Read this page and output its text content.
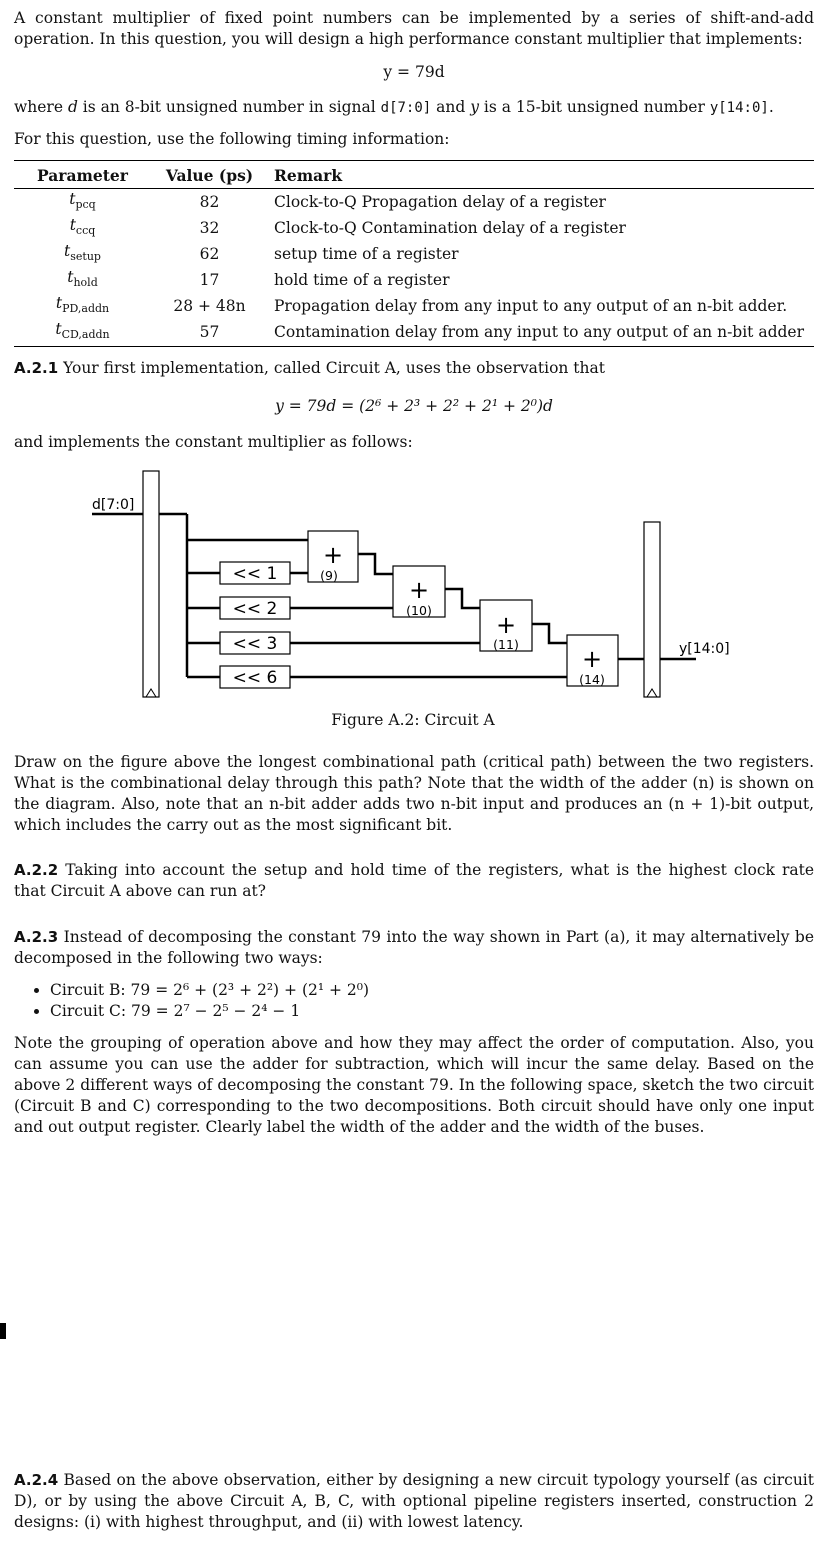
A constant multiplier of fixed point numbers can be implemented by a series of shift-and-add operation. In this question, you will design a high performance constant multiplier that implements:

y = 79d

where d is an 8-bit unsigned number in signal d[7:0] and y is a 15-bit unsigned number y[14:0].

For this question, use the following timing information:

Parameter	Value (ps)	Remark
$t_{pcq}$	82	Clock-to-Q Propagation delay of a register
$t_{ccq}$	32	Clock-to-Q Contamination delay of a register
$t_{setup}$	62	setup time of a register
$t_{hold}$	17	hold time of a register
$t_{PD,addn}$	28 + 48n	Propagation delay from any input to any output of an n-bit adder.
$t_{CD,addn}$	57	Contamination delay from any input to any output of an n-bit adder

A.2.1 Your first implementation, called Circuit A, uses the observation that

y = 79d = (2⁶ + 2³ + 2² + 2¹ + 2⁰)d

and implements the constant multiplier as follows:

d[7:0]
y[14:0]
<< 1
<< 2
<< 3
<< 6
+
(9)
+
(10)
+
(11)
+
(14)

Figure A.2: Circuit A

Draw on the figure above the longest combinational path (critical path) between the two registers. What is the combinational delay through this path? Note that the width of the adder (n) is shown on the diagram. Also, note that an n-bit adder adds two n-bit input and produces an (n + 1)-bit output, which includes the carry out as the most significant bit.

A.2.2 Taking into account the setup and hold time of the registers, what is the highest clock rate that Circuit A above can run at?

A.2.3 Instead of decomposing the constant 79 into the way shown in Part (a), it may alternatively be decomposed in the following two ways:

• Circuit B: 79 = 2⁶ + (2³ + 2²) + (2¹ + 2⁰)
• Circuit C: 79 = 2⁷ − 2⁵ − 2⁴ − 1

Note the grouping of operation above and how they may affect the order of computation. Also, you can assume you can use the adder for subtraction, which will incur the same delay. Based on the above 2 different ways of decomposing the constant 79. In the following space, sketch the two circuit (Circuit B and C) corresponding to the two decompositions. Both circuit should have only one input and out output register. Clearly label the width of the adder and the width of the buses.

A.2.4 Based on the above observation, either by designing a new circuit typology yourself (as circuit D), or by using the above Circuit A, B, C, with optional pipeline registers inserted, construction 2 designs: (i) with highest throughput, and (ii) with lowest latency.
